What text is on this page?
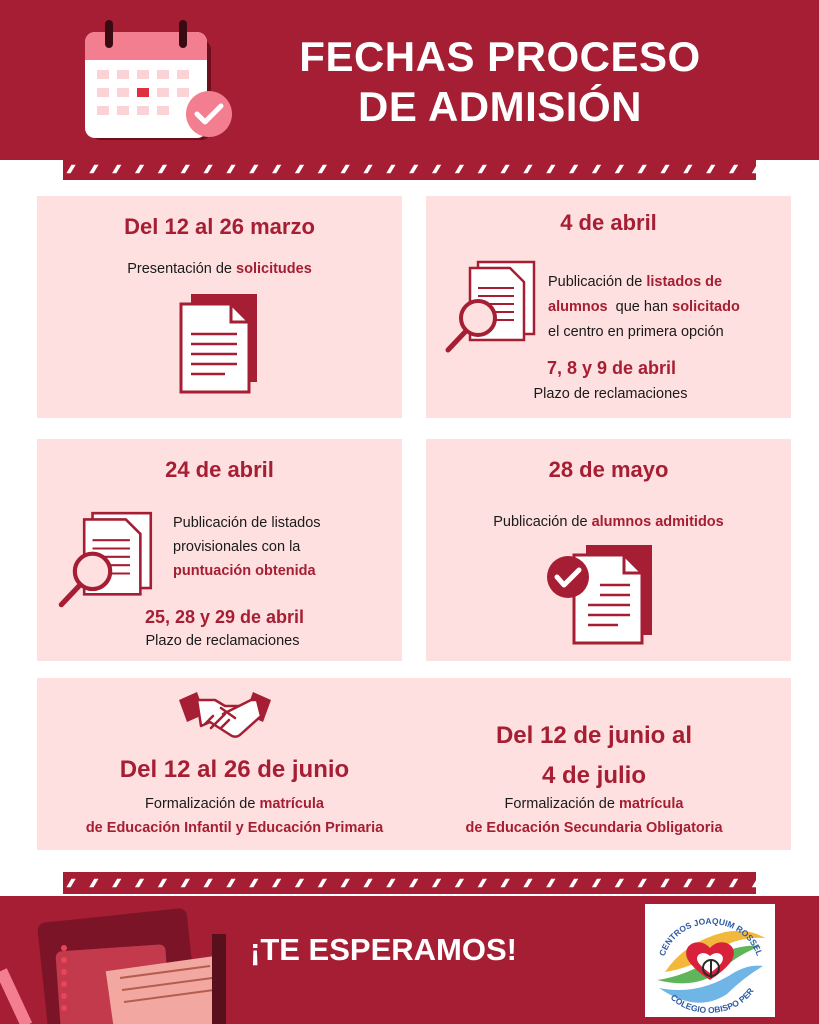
FECHAS PROCESO
DE ADMISIÓN
Del 12 al 26 marzo
Presentación de solicitudes
4 de abril
Publicación de listados de
alumnos  que han solicitado
el centro en primera opción
7, 8 y 9 de abril
Plazo de reclamaciones
24 de abril
Publicación de listados
provisionales con la
puntuación obtenida
25, 28 y 29 de abril
Plazo de reclamaciones
28 de mayo
Publicación de alumnos admitidos
Del 12 al 26 de junio
Formalización de matrícula
de Educación Infantil y Educación Primaria
Del 12 de junio al
4 de julio
Formalización de matrícula
de Educación Secundaria Obligatoria
¡TE ESPERAMOS!	CENTROS JOAQUIM ROSSEL
COLEGIO OBISPO PER
